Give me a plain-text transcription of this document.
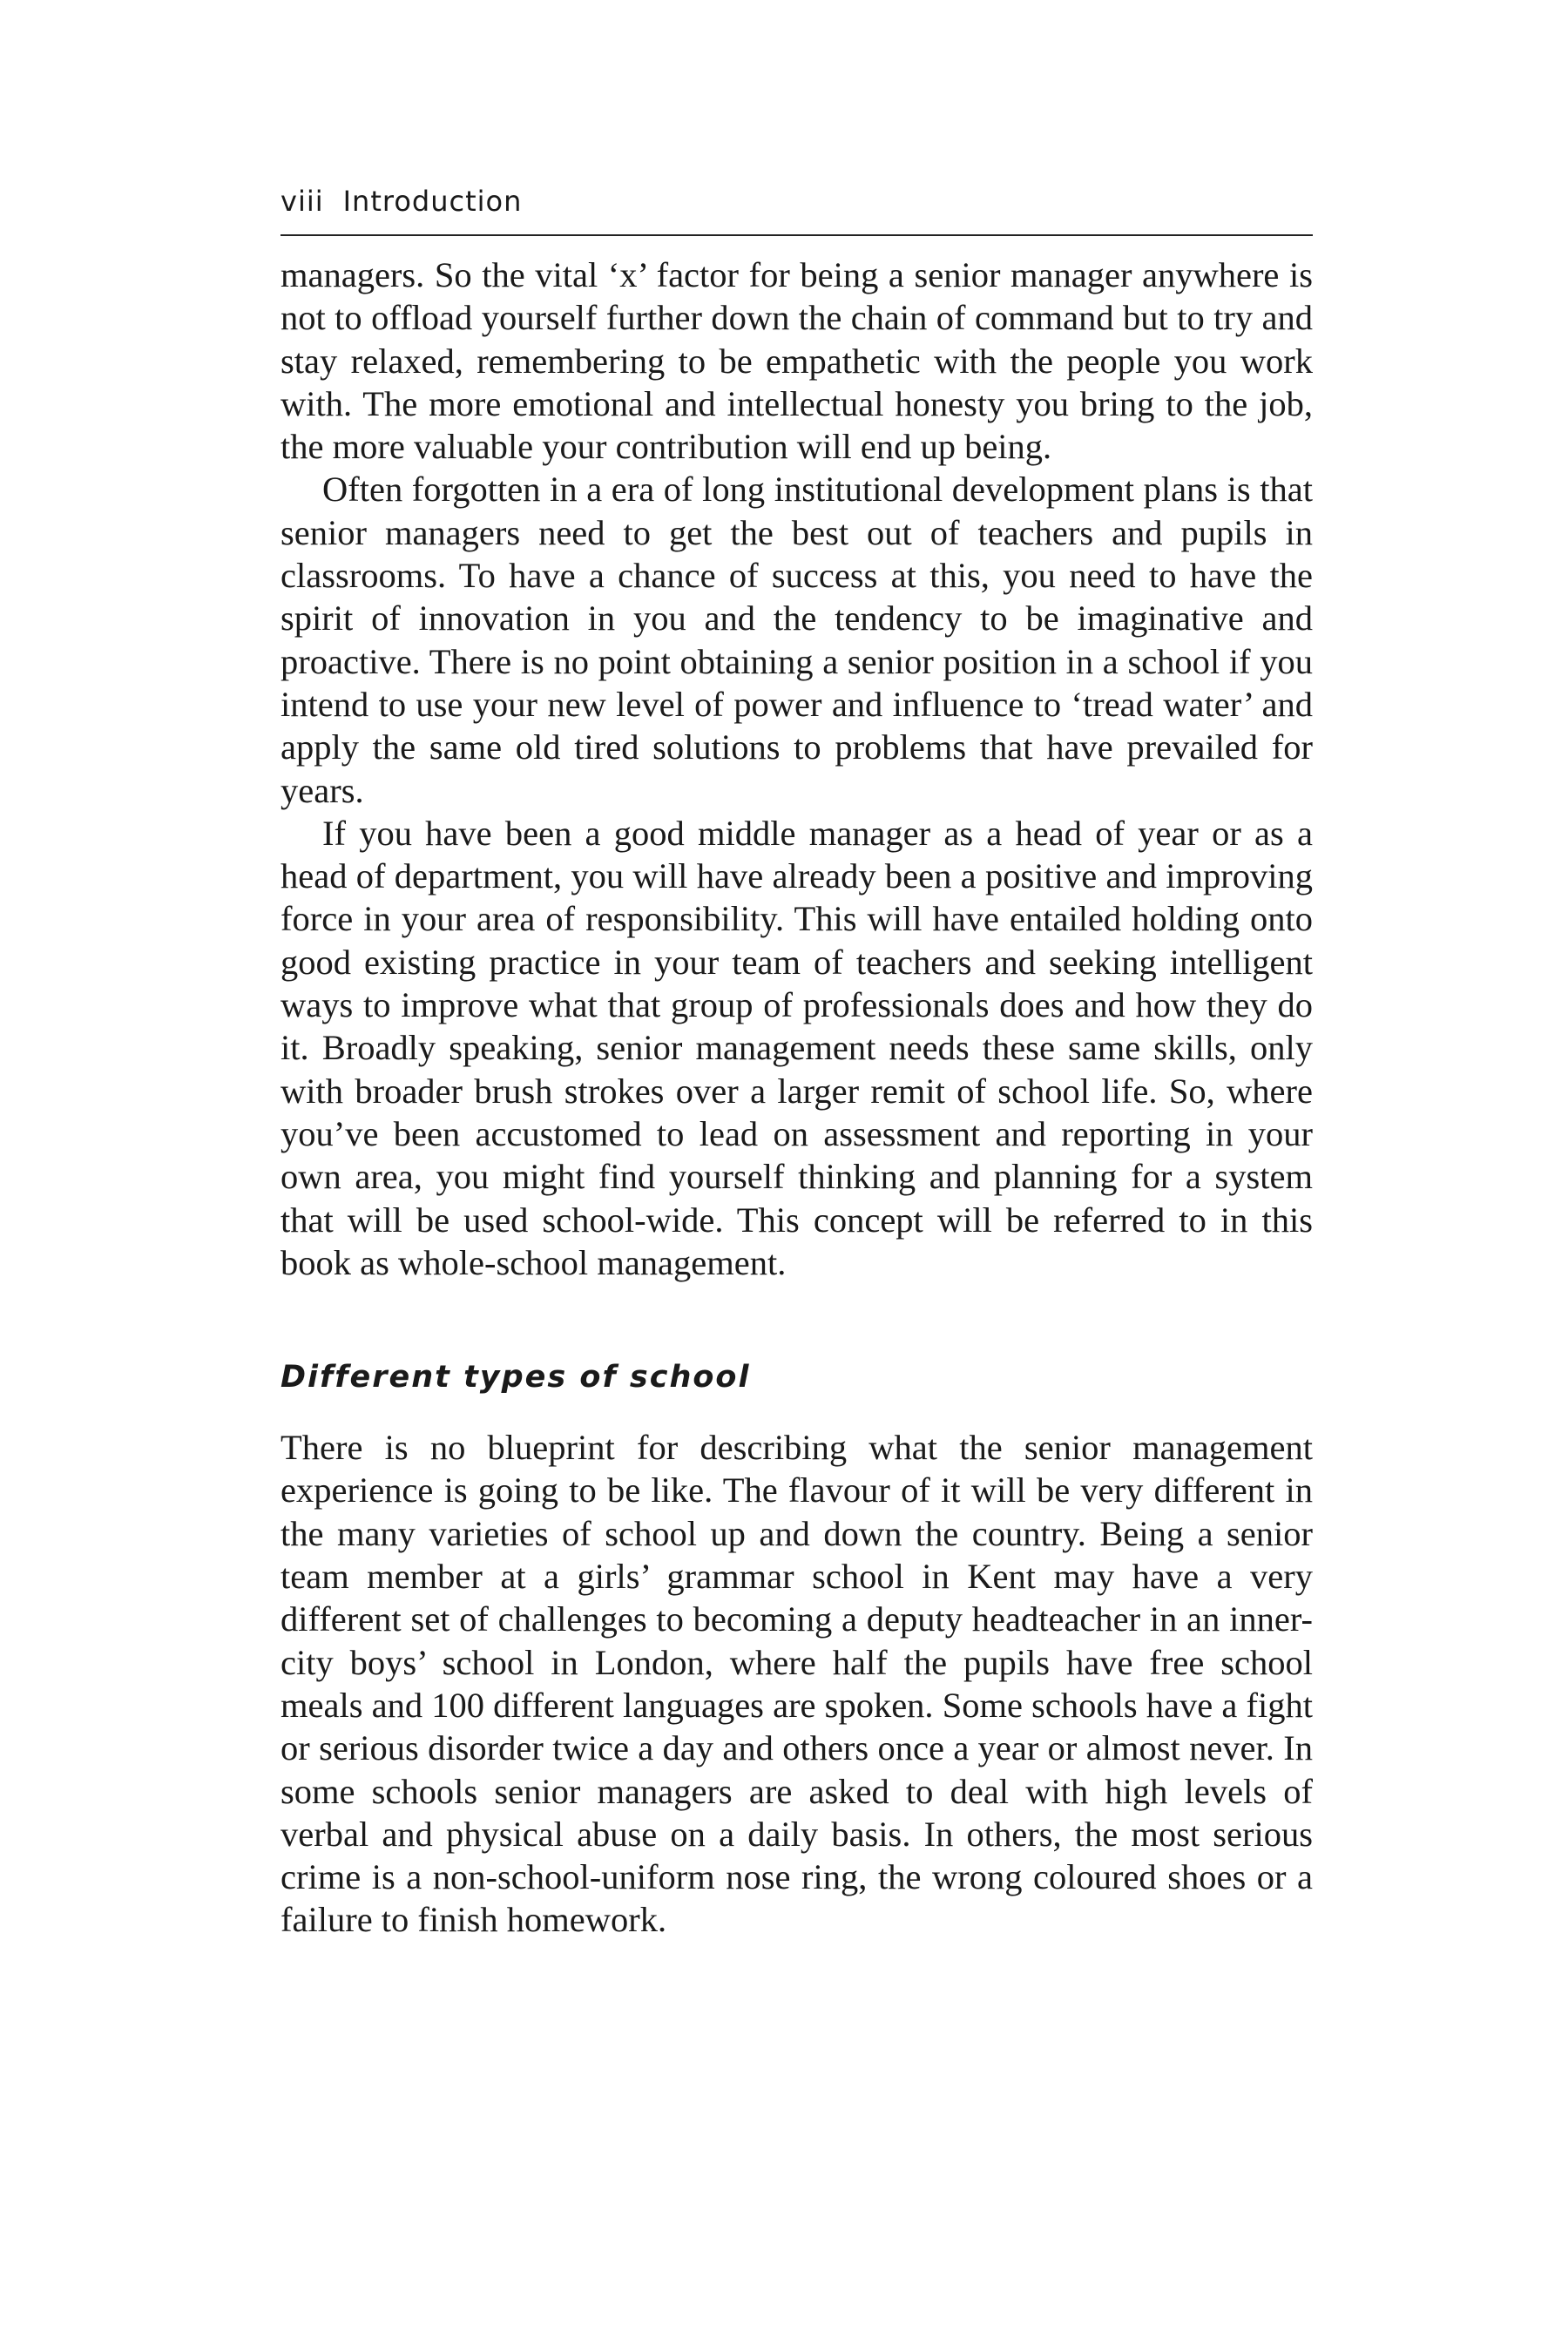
viii Introduction

managers. So the vital ‘x’ factor for being a senior manager anywhere is not to offload yourself further down the chain of command but to try and stay relaxed, remembering to be empathetic with the people you work with. The more emotional and intellectual honesty you bring to the job, the more valuable your contribution will end up being.

Often forgotten in a era of long institutional development plans is that senior managers need to get the best out of teachers and pupils in classrooms. To have a chance of success at this, you need to have the spirit of innovation in you and the tendency to be imaginative and proactive. There is no point obtaining a senior position in a school if you intend to use your new level of power and influence to ‘tread water’ and apply the same old tired solutions to problems that have prevailed for years.

If you have been a good middle manager as a head of year or as a head of department, you will have already been a positive and improving force in your area of responsibility. This will have entailed holding onto good existing practice in your team of teachers and seeking intelligent ways to improve what that group of professionals does and how they do it. Broadly speaking, senior management needs these same skills, only with broader brush strokes over a larger remit of school life. So, where you’ve been accustomed to lead on assessment and reporting in your own area, you might find yourself thinking and planning for a system that will be used school-wide. This concept will be referred to in this book as whole-school management.

Different types of school

There is no blueprint for describing what the senior management experience is going to be like. The flavour of it will be very different in the many varieties of school up and down the country. Being a senior team member at a girls’ grammar school in Kent may have a very different set of challenges to becoming a deputy headteacher in an inner-city boys’ school in London, where half the pupils have free school meals and 100 different languages are spoken. Some schools have a fight or serious disorder twice a day and others once a year or almost never. In some schools senior managers are asked to deal with high levels of verbal and physical abuse on a daily basis. In others, the most serious crime is a non-school-uniform nose ring, the wrong coloured shoes or a failure to finish homework.
